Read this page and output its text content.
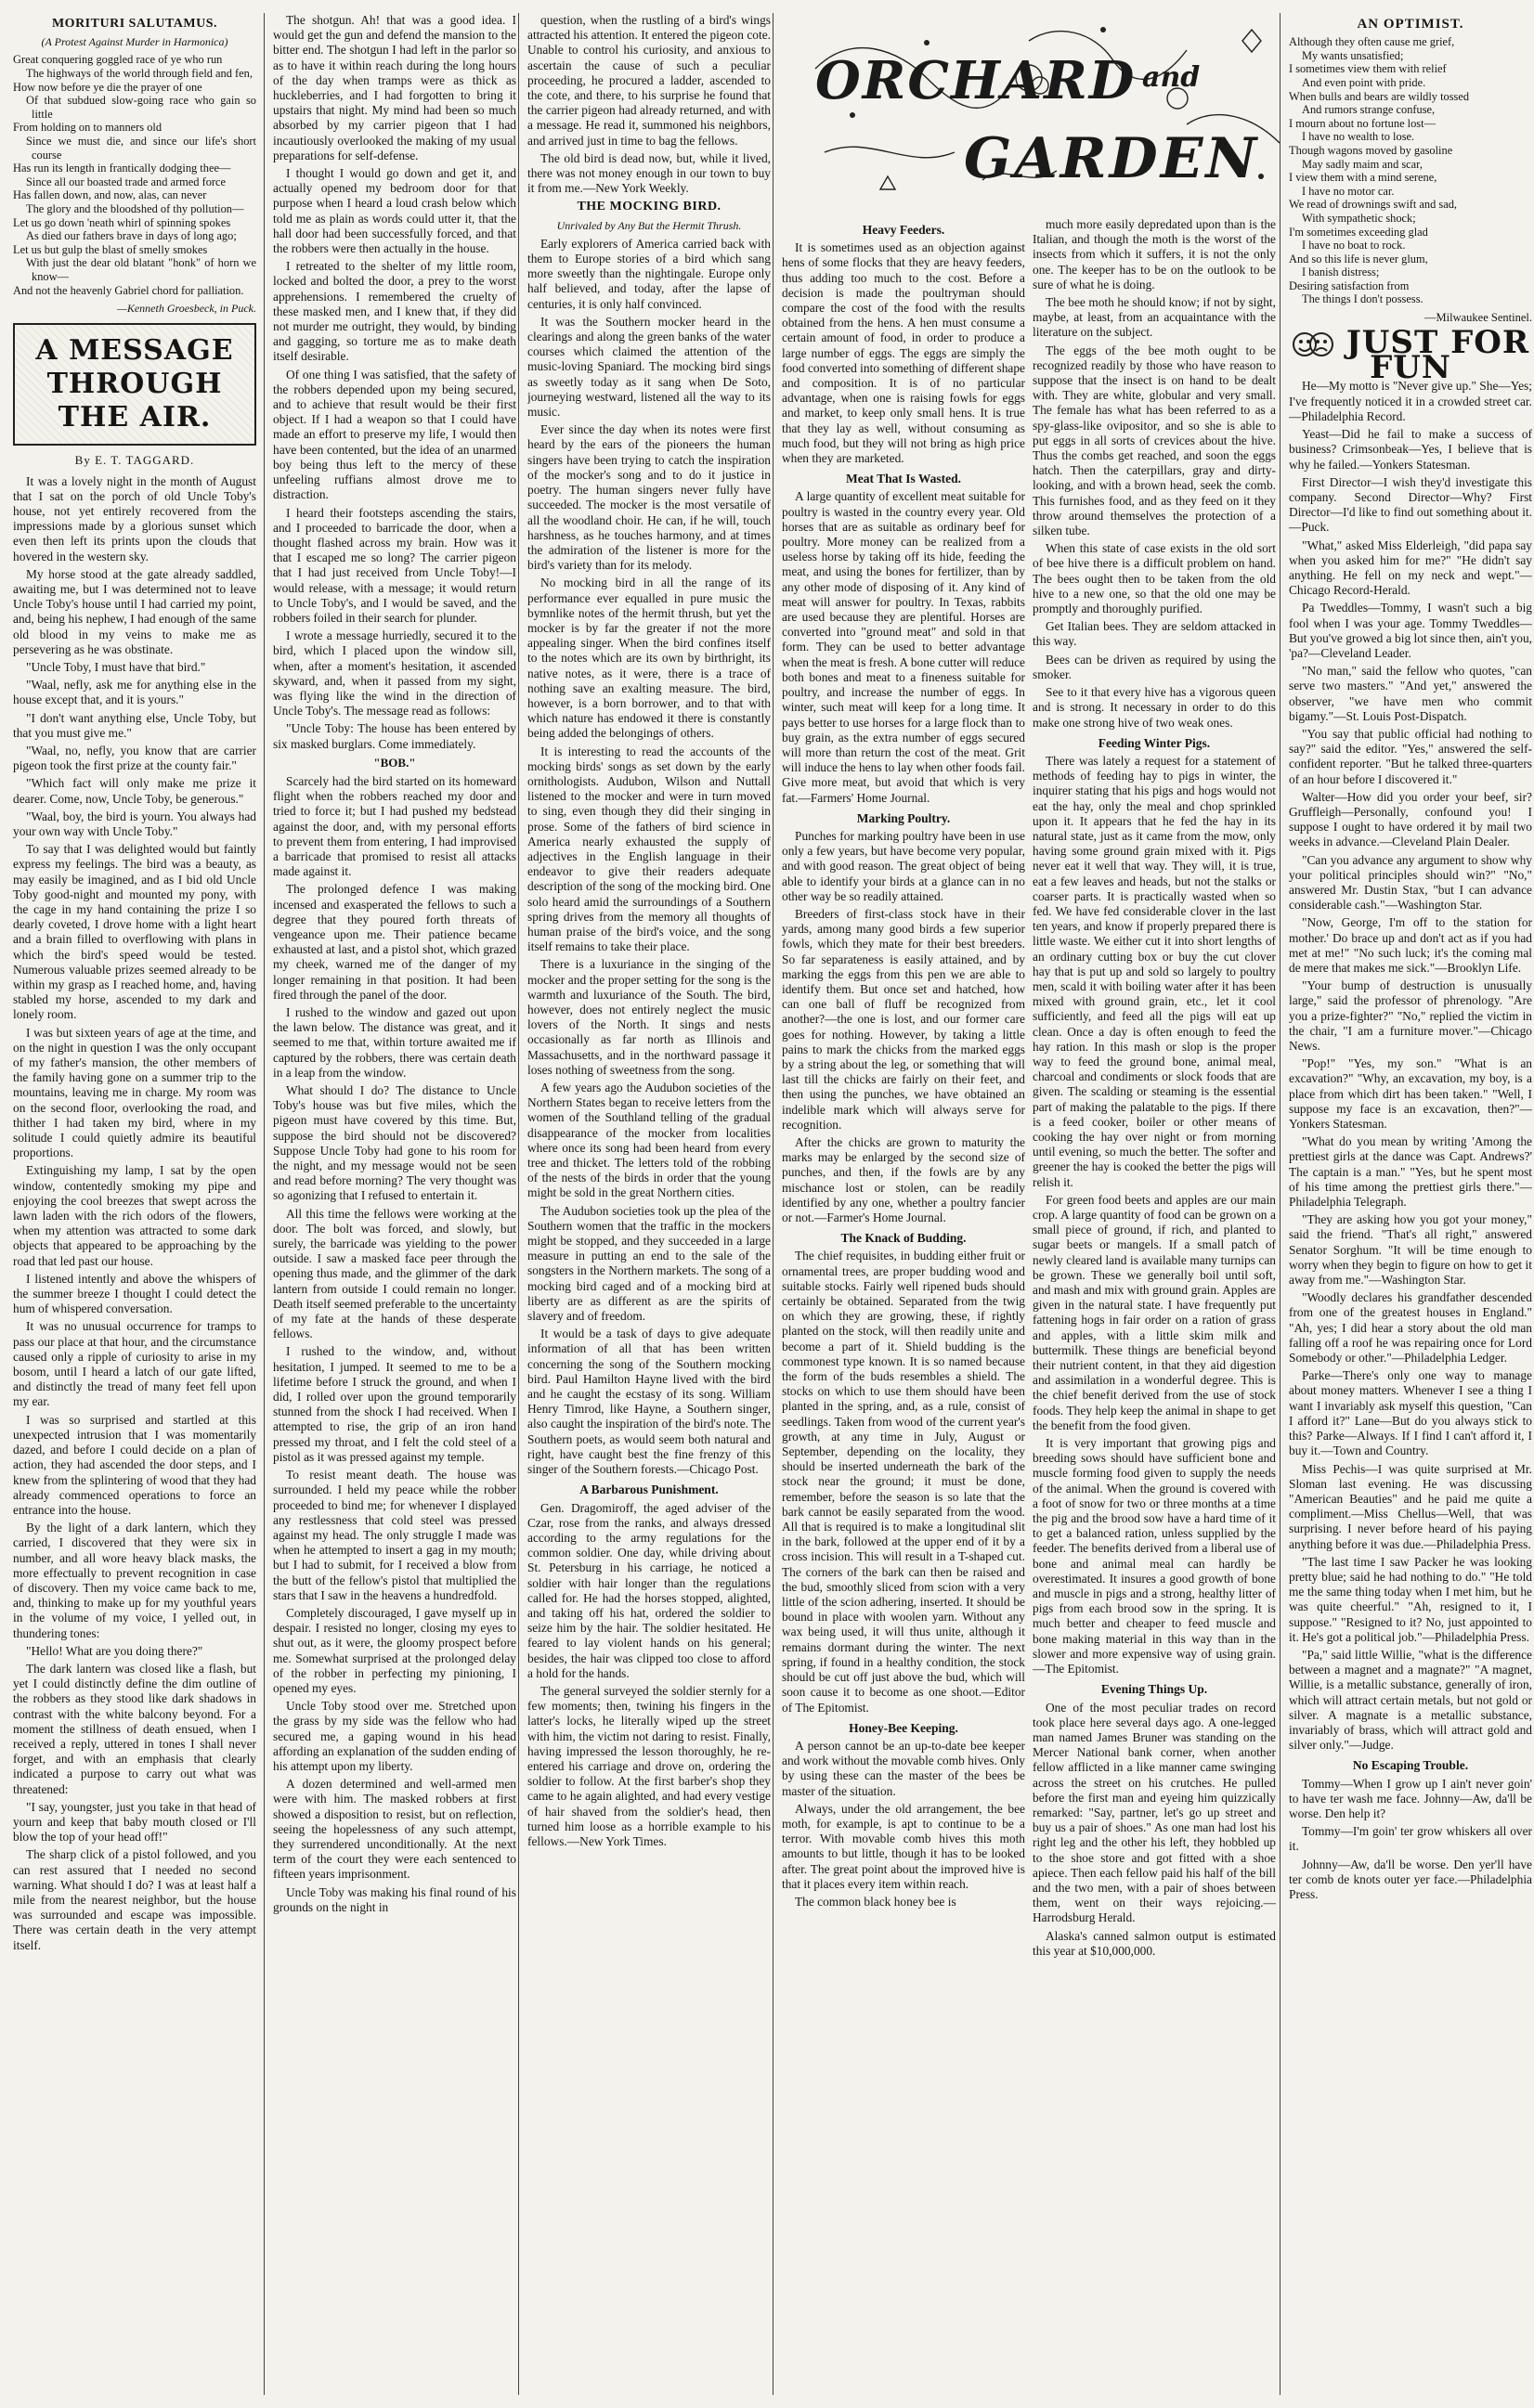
MORITURI SALUTAMUS.
(A Protest Against Murder in Harmonica)
Great conquering goggled race of ye who run
The highways of the world through field and fen,
How now before ye die the prayer of one
Of that subdued slow-going race who gain so little
From holding on to manners old
Since we must die, and since our life's short course
Has run its length in frantically dodging thee—
Since all our boasted trade and armed force
Has fallen down, and now, alas, can never
The glory and the bloodshed of thy pollution—
Let us go down 'neath whirl of spinning spokes
As died our fathers brave in days of long ago;
Let us but gulp the blast of smelly smokes
With just the dear old blatant "honk" of horn we know—
And not the heavenly Gabriel chord for palliation.
—Kenneth Groesbeck, in Puck.
A MESSAGE THROUGH THE AIR.
By E. T. TAGGARD.

It was a lovely night in the month of August that I sat on the porch of old Uncle Toby's house, not yet entirely recovered from the impressions made by a glorious sunset which even then left its prints upon the clouds that hovered in the western sky.

My horse stood at the gate already saddled, awaiting me, but I was determined not to leave Uncle Toby's house until I had carried my point, and, being his nephew, I had enough of the same old blood in my veins to make me as persevering as he was obstinate.

"Uncle Toby, I must have that bird."

"Waal, nefly, ask me for anything else in the house except that, and it is yours."

"I don't want anything else, Uncle Toby, but that you must give me."

"Waal, no, nefly, you know that are carrier pigeon took the first prize at the county fair."

"Which fact will only make me prize it dearer. Come, now, Uncle Toby, be generous."

"Waal, boy, the bird is yourn. You always had your own way with Uncle Toby."

To say that I was delighted would but faintly express my feelings. The bird was a beauty, as may easily be imagined, and as I bid old Uncle Toby good-night and mounted my pony, with the cage in my hand containing the prize I so dearly coveted, I drove home with a light heart and a brain filled to overflowing with plans in which the bird's speed would be tested. Numerous valuable prizes seemed already to be within my grasp as I reached home, and, having stabled my horse, ascended to my dark and lonely room.

I was but sixteen years of age at the time, and on the night in question I was the only occupant of my father's mansion, the other members of the family having gone on a summer trip to the mountains, leaving me in charge. My room was on the second floor, overlooking the road, and thither I had taken my bird, where in my solitude I could quietly admire its beautiful proportions.

Extinguishing my lamp, I sat by the open window, contentedly smoking my pipe and enjoying the cool breezes that swept across the lawn laden with the rich odors of the flowers, when my attention was attracted to some dark objects that appeared to be approaching by the road that led past our house.

I listened intently and above the whispers of the summer breeze I thought I could detect the hum of whispered conversation.

It was no unusual occurrence for tramps to pass our place at that hour, and the circumstance caused only a ripple of curiosity to arise in my bosom, until I heard a latch of our gate lifted, and distinctly the tread of many feet fell upon my ear.

I was so surprised and startled at this unexpected intrusion that I was momentarily dazed, and before I could decide on a plan of action, they had ascended the door steps, and I knew from the splintering of wood that they had already commenced operations to force an entrance into the house.

By the light of a dark lantern, which they carried, I discovered that they were six in number, and all wore heavy black masks, the more effectually to prevent recognition in case of discovery. Then my voice came back to me, and, thinking to make up for my youthful years in the volume of my voice, I yelled out, in thundering tones:

"Hello! What are you doing there?"

The dark lantern was closed like a flash, but yet I could distinctly define the dim outline of the robbers as they stood like dark shadows in contrast with the white balcony beyond. For a moment the stillness of death ensued, when I received a reply, uttered in tones I shall never forget, and with an emphasis that clearly indicated a purpose to carry out what was threatened:

"I say, youngster, just you take in that head of yourn and keep that baby mouth closed or I'll blow the top of your head off!"

The sharp click of a pistol followed, and you can rest assured that I needed no second warning. What should I do? I was at least half a mile from the nearest neighbor, but the house was surrounded and escape was impossible. There was certain death in the very attempt itself.

The shotgun. Ah! that was a good idea. I would get the gun and defend the mansion to the bitter end. The shotgun I had left in the parlor so as to have it within reach during the long hours of the day when tramps were as thick as huckleberries, and I had forgotten to bring it upstairs that night. My mind had been so much absorbed by my carrier pigeon that I had incautiously overlooked the making of my usual preparations for self-defense.

I thought I would go down and get it, and actually opened my bedroom door for that purpose when I heard a loud crash below which told me as plain as words could utter it, that the hall door had been successfully forced, and that the robbers were then actually in the house.

I retreated to the shelter of my little room, locked and bolted the door, a prey to the worst apprehensions. I remembered the cruelty of these masked men, and I knew that, if they did not murder me outright, they would, by binding and gagging, so torture me as to make death itself desirable.

Of one thing I was satisfied, that the safety of the robbers depended upon my being secured, and to achieve that result would be their first object. If I had a weapon so that I could have made an effort to preserve my life, I would then have been contented, but the idea of an unarmed boy being thus left to the mercy of these unfeeling ruffians almost drove me to distraction.

I heard their footsteps ascending the stairs, and I proceeded to barricade the door, when a thought flashed across my brain. How was it that I escaped me so long? The carrier pigeon that I had just received from Uncle Toby!—I would release, with a message; it would return to Uncle Toby's, and I would be saved, and the robbers foiled in their search for plunder.

I wrote a message hurriedly, secured it to the bird, which I placed upon the window sill, when, after a moment's hesitation, it ascended skyward, and, when it passed from my sight, was flying like the wind in the direction of Uncle Toby's. The message read as follows:

"Uncle Toby: The house has been entered by six masked burglars. Come immediately.

"BOB."

Scarcely had the bird started on its homeward flight when the robbers reached my door and tried to force it; but I had pushed my bedstead against the door, and, with my personal efforts to prevent them from entering, I had improvised a barricade that promised to resist all attacks made against it.

The prolonged defence I was making incensed and exasperated the fellows to such a degree that they poured forth threats of vengeance upon me. Their patience became exhausted at last, and a pistol shot, which grazed my cheek, warned me of the danger of my longer remaining in that position. It had been fired through the panel of the door.

I rushed to the window and gazed out upon the lawn below. The distance was great, and it seemed to me that, within torture awaited me if captured by the robbers, there was certain death in a leap from the window.

What should I do? The distance to Uncle Toby's house was but five miles, which the pigeon must have covered by this time. But, suppose the bird should not be discovered? Suppose Uncle Toby had gone to his room for the night, and my message would not be seen and read before morning? The very thought was so agonizing that I refused to entertain it.

All this time the fellows were working at the door. The bolt was forced, and slowly, but surely, the barricade was yielding to the power outside. I saw a masked face peer through the opening thus made, and the glimmer of the dark lantern from outside I could remain no longer. Death itself seemed preferable to the uncertainty of my fate at the hands of these desperate fellows.

I rushed to the window, and, without hesitation, I jumped. It seemed to me to be a lifetime before I struck the ground, and when I did, I rolled over upon the ground temporarily stunned from the shock I had received. When I attempted to rise, the grip of an iron hand pressed my throat, and I felt the cold steel of a pistol as it was pressed against my temple.

To resist meant death. The house was surrounded. I held my peace while the robber proceeded to bind me; for whenever I displayed any restlessness that cold steel was pressed against my head. The only struggle I made was when he attempted to insert a gag in my mouth; but I had to submit, for I received a blow from the butt of the fellow's pistol that multiplied the stars that I saw in the heavens a hundredfold.

Completely discouraged, I gave myself up in despair. I resisted no longer, closing my eyes to shut out, as it were, the gloomy prospect before me. Somewhat surprised at the prolonged delay of the robber in perfecting my pinioning, I opened my eyes.

Uncle Toby stood over me. Stretched upon the grass by my side was the fellow who had secured me, a gaping wound in his head affording an explanation of the sudden ending of his attempt upon my liberty.

A dozen determined and well-armed men were with him. The masked robbers at first showed a disposition to resist, but on reflection, seeing the hopelessness of any such attempt, they surrendered unconditionally. At the next term of the court they were each sentenced to fifteen years imprisonment.

Uncle Toby was making his final round of his grounds on the night in

question, when the rustling of a bird's wings attracted his attention. It entered the pigeon cote. Unable to control his curiosity, and anxious to ascertain the cause of such a peculiar proceeding, he procured a ladder, ascended to the cote, and there, to his surprise he found that the carrier pigeon had already returned, and with a message. He read it, summoned his neighbors, and arrived just in time to bag the fellows.

The old bird is dead now, but, while it lived, there was not money enough in our town to buy it from me.—New York Weekly.

THE MOCKING BIRD.
Unrivaled by Any But the Hermit Thrush.

Early explorers of America carried back with them to Europe stories of a bird which sang more sweetly than the nightingale. Europe only half believed, and today, after the lapse of centuries, it is only half convinced.

It was the Southern mocker heard in the clearings and along the green banks of the water courses which claimed the attention of the music-loving Spaniard. The mocking bird sings as sweetly today as it sang when De Soto, journeying westward, listened all the way to its music.

Ever since the day when its notes were first heard by the ears of the pioneers the human singers have been trying to catch the inspiration of the mocker's song and to do it justice in poetry. The human singers never fully have succeeded. The mocker is the most versatile of all the woodland choir. He can, if he will, touch harshness, as he touches harmony, and at times the admiration of the listener is more for the bird's variety than for its melody.

No mocking bird in all the range of its performance ever equalled in pure music the bymnlike notes of the hermit thrush, but yet the mocker is by far the greater if not the more appealing singer. When the bird confines itself to the notes which are its own by birthright, its native notes, as it were, there is a trace of nothing save an exalting measure. The bird, however, is a born borrower, and to that with which nature has endowed it there is constantly being added the belongings of others.

It is interesting to read the accounts of the mocking birds' songs as set down by the early ornithologists. Audubon, Wilson and Nuttall listened to the mocker and were in turn moved to sing, even though they did their singing in prose. Some of the fathers of bird science in America nearly exhausted the supply of adjectives in the English language in their endeavor to give their readers adequate description of the song of the mocking bird. One solo heard amid the surroundings of a Southern spring drives from the memory all thoughts of human praise of the bird's voice, and the song itself remains to take their place.

There is a luxuriance in the singing of the mocker and the proper setting for the song is the warmth and luxuriance of the South. The bird, however, does not entirely neglect the music lovers of the North. It sings and nests occasionally as far north as Illinois and Massachusetts, and in the northward passage it loses nothing of sweetness from the song.

A few years ago the Audubon societies of the Northern States began to receive letters from the women of the Southland telling of the gradual disappearance of the mocker from localities where once its song had been heard from every tree and thicket. The letters told of the robbing of the nests of the birds in order that the young might be sold in the great Northern cities.

The Audubon societies took up the plea of the Southern women that the traffic in the mockers might be stopped, and they succeeded in a large measure in putting an end to the sale of the songsters in the Northern markets. The song of a mocking bird caged and of a mocking bird at liberty are as different as are the spirits of slavery and of freedom.

It would be a task of days to give adequate information of all that has been written concerning the song of the Southern mocking bird. Paul Hamilton Hayne lived with the bird and he caught the ecstasy of its song. William Henry Timrod, like Hayne, a Southern singer, also caught the inspiration of the bird's note. The Southern poets, as would seem both natural and right, have caught best the fine frenzy of this singer of the Southern forests.—Chicago Post.

A Barbarous Punishment.

Gen. Dragomiroff, the aged adviser of the Czar, rose from the ranks, and always dressed according to the army regulations for the common soldier. One day, while driving about St. Petersburg in his carriage, he noticed a soldier with hair longer than the regulations called for. He had the horses stopped, alighted, and taking off his hat, ordered the soldier to seize him by the hair. The soldier hesitated. He feared to lay violent hands on his general; besides, the hair was clipped too close to afford a hold for the hands.

The general surveyed the soldier sternly for a few moments; then, twining his fingers in the latter's locks, he literally wiped up the street with him, the victim not daring to resist. Finally, having impressed the lesson thoroughly, he re-entered his carriage and drove on, ordering the soldier to follow. At the first barber's shop they came to he again alighted, and had every vestige of hair shaved from the soldier's head, then turned him loose as a horrible example to his fellows.—New York Times.

ORCHARD and
GARDEN
Heavy Feeders.

It is sometimes used as an objection against hens of some flocks that they are heavy feeders, thus adding too much to the cost. Before a decision is made the poultryman should compare the cost of the food with the results obtained from the hens. A hen must consume a certain amount of food, in order to produce a large number of eggs. The eggs are simply the food converted into something of different shape and composition. It is of no particular advantage, when one is raising fowls for eggs and market, to keep only small hens. It is true that they lay as well, without consuming as much food, but they will not bring as high price when they are marketed.

Meat That Is Wasted.

A large quantity of excellent meat suitable for poultry is wasted in the country every year. Old horses that are as suitable as ordinary beef for poultry. More money can be realized from a useless horse by taking off its hide, feeding the meat, and using the bones for fertilizer, than by any other mode of disposing of it. Any kind of meat will answer for poultry. In Texas, rabbits are used because they are plentiful. Horses are converted into "ground meat" and sold in that form. They can be used to better advantage when the meat is fresh. A bone cutter will reduce both bones and meat to a fineness suitable for poultry, and increase the number of eggs. In winter, such meat will keep for a long time. It pays better to use horses for a large flock than to buy grain, as the extra number of eggs secured will more than return the cost of the meat. Grit will induce the hens to lay when other foods fail. Give more meat, but avoid that which is very fat.—Farmers' Home Journal.

Marking Poultry.

Punches for marking poultry have been in use only a few years, but have become very popular, and with good reason. The great object of being able to identify your birds at a glance can in no other way be so readily attained.

Breeders of first-class stock have in their yards, among many good birds a few superior fowls, which they mate for their best breeders. So far separateness is easily attained, and by marking the eggs from this pen we are able to identify them. But once set and hatched, how can one ball of fluff be recognized from another?—the one is lost, and our former care goes for nothing. However, by taking a little pains to mark the chicks from the marked eggs by a string about the leg, or something that will last till the chicks are fairly on their feet, and then using the punches, we have obtained an indelible mark which will always serve for recognition.

After the chicks are grown to maturity the marks may be enlarged by the second size of punches, and then, if the fowls are by any mischance lost or stolen, can be readily identified by any one, whether a poultry fancier or not.—Farmer's Home Journal.

The Knack of Budding.

The chief requisites, in budding either fruit or ornamental trees, are proper budding wood and suitable stocks. Fairly well ripened buds should certainly be obtained. Separated from the twig on which they are growing, these, if rightly planted on the stock, will then readily unite and become a part of it. Shield budding is the commonest type known. It is so named because the form of the buds resembles a shield. The stocks on which to use them should have been planted in the spring, and, as a rule, consist of seedlings. Taken from wood of the current year's growth, at any time in July, August or September, depending on the locality, they should be inserted underneath the bark of the stock near the ground; it must be done, remember, before the season is so late that the bark cannot be easily separated from the wood. All that is required is to make a longitudinal slit in the bark, followed at the upper end of it by a cross incision. This will result in a T-shaped cut. The corners of the bark can then be raised and the bud, smoothly sliced from scion with a very little of the scion adhering, inserted. It should be bound in place with woolen yarn. Without any wax being used, it will thus unite, although it remains dormant during the winter. The next spring, if found in a healthy condition, the stock should be cut off just above the bud, which will soon cause it to become as one shoot.—Editor of The Epitomist.

Honey-Bee Keeping.

A person cannot be an up-to-date bee keeper and work without the movable comb hives. Only by using these can the master of the bees be master of the situation.

Always, under the old arrangement, the bee moth, for example, is apt to continue to be a terror. With movable comb hives this moth amounts to but little, though it has to be looked after. The great point about the improved hive is that it places every item within reach.

The common black honey bee is

much more easily depredated upon than is the Italian, and though the moth is the worst of the insects from which it suffers, it is not the only one. The keeper has to be on the outlook to be sure of what he is doing.

The bee moth he should know; if not by sight, maybe, at least, from an acquaintance with the literature on the subject.

The eggs of the bee moth ought to be recognized readily by those who have reason to suppose that the insect is on hand to be dealt with. They are white, globular and very small. The female has what has been referred to as a spy-glass-like ovipositor, and so she is able to put eggs in all sorts of crevices about the hive. Thus the combs get reached, and soon the eggs hatch. Then the caterpillars, gray and dirty-looking, and with a brown head, seek the comb. This furnishes food, and as they feed on it they throw around themselves the protection of a silken tube.

When this state of case exists in the old sort of bee hive there is a difficult problem on hand. The bees ought then to be taken from the old hive to a new one, so that the old one may be promptly and thoroughly purified.

Get Italian bees. They are seldom attacked in this way.

Bees can be driven as required by using the smoker.

See to it that every hive has a vigorous queen and is strong. It necessary in order to do this make one strong hive of two weak ones.

Feeding Winter Pigs.

There was lately a request for a statement of methods of feeding hay to pigs in winter, the inquirer stating that his pigs and hogs would not eat the hay, only the meal and chop sprinkled upon it. It appears that he fed the hay in its natural state, just as it came from the mow, only having some ground grain mixed with it. Pigs never eat it well that way. They will, it is true, eat a few leaves and heads, but not the stalks or coarser parts. It is practically wasted when so fed. We have fed considerable clover in the last ten years, and know if properly prepared there is little waste. We either cut it into short lengths of an ordinary cutting box or buy the cut clover hay that is put up and sold so largely to poultry men, scald it with boiling water after it has been mixed with ground grain, etc., let it cool sufficiently, and feed all the pigs will eat up clean. Once a day is often enough to feed the hay ration. In this mash or slop is the proper way to feed the ground bone, animal meal, charcoal and condiments or slock foods that are given. The scalding or steaming is the essential part of making the palatable to the pigs. If there is a feed cooker, boiler or other means of cooking the hay over night or from morning until evening, so much the better. The softer and greener the hay is cooked the better the pigs will relish it.

For green food beets and apples are our main crop. A large quantity of food can be grown on a small piece of ground, if rich, and planted to sugar beets or mangels. If a small patch of newly cleared land is available many turnips can be grown. These we generally boil until soft, and mash and mix with ground grain. Apples are given in the natural state. I have frequently put fattening hogs in fair order on a ration of grass and apples, with a little skim milk and buttermilk. These things are beneficial beyond their nutrient content, in that they aid digestion and assimilation in a wonderful degree. This is the chief benefit derived from the use of stock foods. They help keep the animal in shape to get the benefit from the food given.

It is very important that growing pigs and breeding sows should have sufficient bone and muscle forming food given to supply the needs of the animal. When the ground is covered with a foot of snow for two or three months at a time the pig and the brood sow have a hard time of it to get a balanced ration, unless supplied by the feeder. The benefits derived from a liberal use of bone and animal meal can hardly be overestimated. It insures a good growth of bone and muscle in pigs and a strong, healthy litter of pigs from each brood sow in the spring. It is much better and cheaper to feed muscle and bone making material in this way than in the slower and more expensive way of using grain.—The Epitomist.

Evening Things Up.

One of the most peculiar trades on record took place here several days ago. A one-legged man named James Bruner was standing on the Mercer National bank corner, when another fellow afflicted in a like manner came swinging across the street on his crutches. He pulled before the first man and eyeing him quizzically remarked: "Say, partner, let's go up street and buy us a pair of shoes." As one man had lost his right leg and the other his left, they hobbled up to the shoe store and got fitted with a shoe apiece. Then each fellow paid his half of the bill and the two men, with a pair of shoes between them, went on their ways rejoicing.—Harrodsburg Herald.

Alaska's canned salmon output is estimated this year at $10,000,000.

AN OPTIMIST.
Although they often cause me grief,
My wants unsatisfied;
I sometimes view them with relief
And even point with pride.
When bulls and bears are wildly tossed
And rumors strange confuse,
I mourn about no fortune lost—
I have no wealth to lose.
Though wagons moved by gasoline
May sadly maim and scar,
I view them with a mind serene,
I have no motor car.
We read of drownings swift and sad,
With sympathetic shock;
I'm sometimes exceeding glad
I have no boat to rock.
And so this life is never glum,
I banish distress;
Desiring satisfaction from
The things I don't possess.
—Milwaukee Sentinel.
JUST FOR FUN

He—My motto is "Never give up." She—Yes; I've frequently noticed it in a crowded street car.—Philadelphia Record.

Yeast—Did he fail to make a success of business? Crimsonbeak—Yes, I believe that is why he failed.—Yonkers Statesman.

First Director—I wish they'd investigate this company. Second Director—Why? First Director—I'd like to find out something about it.—Puck.

"What," asked Miss Elderleigh, "did papa say when you asked him for me?" "He didn't say anything. He fell on my neck and wept."—Chicago Record-Herald.

Pa Tweddles—Tommy, I wasn't such a big fool when I was your age. Tommy Tweddles—But you've growed a big lot since then, ain't you, 'pa?—Cleveland Leader.

"No man," said the fellow who quotes, "can serve two masters." "And yet," answered the observer, "we have men who commit bigamy."—St. Louis Post-Dispatch.

"You say that public official had nothing to say?" said the editor. "Yes," answered the self-confident reporter. "But he talked three-quarters of an hour before I discovered it."

Walter—How did you order your beef, sir? Gruffleigh—Personally, confound you! I suppose I ought to have ordered it by mail two weeks in advance.—Cleveland Plain Dealer.

"Can you advance any argument to show why your political principles should win?" "No," answered Mr. Dustin Stax, "but I can advance considerable cash."—Washington Star.

"Now, George, I'm off to the station for mother.' Do brace up and don't act as if you had met at me!" "No such luck; it's the coming mal de mere that makes me sick."—Brooklyn Life.

"Your bump of destruction is unusually large," said the professor of phrenology. "Are you a prize-fighter?" "No," replied the victim in the chair, "I am a furniture mover."—Chicago News.

"Pop!" "Yes, my son." "What is an excavation?" "Why, an excavation, my boy, is a place from which dirt has been taken." "Well, I suppose my face is an excavation, then?"—Yonkers Statesman.

"What do you mean by writing 'Among the prettiest girls at the dance was Capt. Andrews?' The captain is a man." "Yes, but he spent most of his time among the prettiest girls there."—Philadelphia Telegraph.

"They are asking how you got your money," said the friend. "That's all right," answered Senator Sorghum. "It will be time enough to worry when they begin to figure on how to get it away from me."—Washington Star.

"Woodly declares his grandfather descended from one of the greatest houses in England." "Ah, yes; I did hear a story about the old man falling off a roof he was repairing once for Lord Somebody or other."—Philadelphia Ledger.

Parke—There's only one way to manage about money matters. Whenever I see a thing I want I invariably ask myself this question, "Can I afford it?" Lane—But do you always stick to this? Parke—Always. If I find I can't afford it, I buy it.—Town and Country.

Miss Pechis—I was quite surprised at Mr. Sloman last evening. He was discussing "American Beauties" and he paid me quite a compliment.—Miss Chellus—Well, that was surprising. I never before heard of his paying anything before it was due.—Philadelphia Press.

"The last time I saw Packer he was looking pretty blue; said he had nothing to do." "He told me the same thing today when I met him, but he was quite cheerful." "Ah, resigned to it, I suppose." "Resigned to it? No, just appointed to it. He's got a political job."—Philadelphia Press.

"Pa," said little Willie, "what is the difference between a magnet and a magnate?" "A magnet, Willie, is a metallic substance, generally of iron, which will attract certain metals, but not gold or silver. A magnate is a metallic substance, invariably of brass, which will attract gold and silver only."—Judge.

No Escaping Trouble.

Tommy—When I grow up I ain't never goin' to have ter wash me face. Johnny—Aw, da'll be worse. Den help it?

Tommy—I'm goin' ter grow whiskers all over it.

Johnny—Aw, da'll be worse. Den yer'll have ter comb de knots outer yer face.—Philadelphia Press.
